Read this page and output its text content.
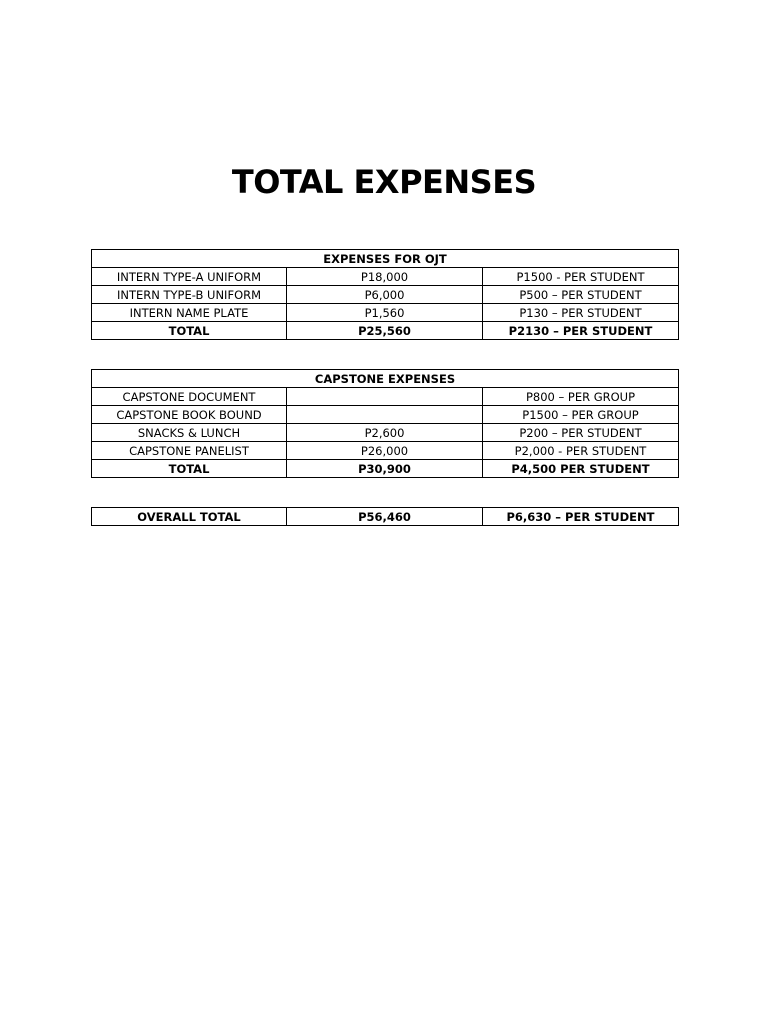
TOTAL EXPENSES
EXPENSES FOR OJT		
INTERN TYPE-A UNIFORM	P18,000	P1500 - PER STUDENT
INTERN TYPE-B UNIFORM	P6,000	P500 – PER STUDENT
INTERN NAME PLATE	P1,560	P130 – PER STUDENT
TOTAL	P25,560	P2130 – PER STUDENT
CAPSTONE EXPENSES		
CAPSTONE DOCUMENT		P800 – PER GROUP
CAPSTONE BOOK BOUND		P1500 – PER GROUP
SNACKS & LUNCH	P2,600	P200 – PER STUDENT
CAPSTONE PANELIST	P26,000	P2,000 - PER STUDENT
TOTAL	P30,900	P4,500 PER STUDENT
OVERALL TOTAL	P56,460	P6,630 – PER STUDENT
